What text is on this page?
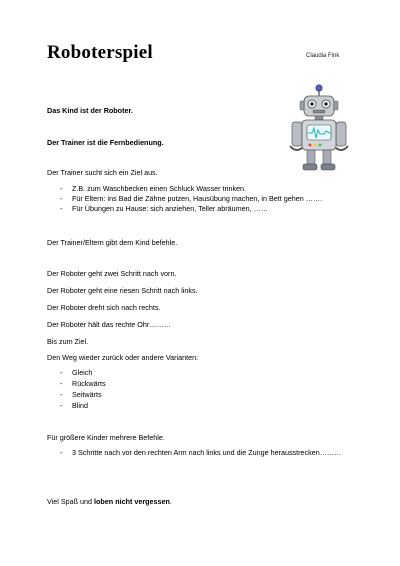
Roboterspiel	Claudia Fink
Das Kind ist der Roboter.
Der Trainer ist die Fernbedienung.
Der Trainer sucht sich ein Ziel aus.
- Z.B. zum Waschbecken einen Schluck Wasser trinken.
- Für Eltern: ins Bad die Zähne putzen, Hausübung machen, in Bett gehen …….
- Für Übungen zu Hause: sich anziehen, Teller abräumen, ……
Der Trainer/Eltern gibt dem Kind befehle.
Der Roboter geht zwei Schritt nach vorn.
Der Roboter geht eine riesen Schritt nach links.
Der Roboter dreht sich nach rechts.
Der Roboter hält das rechte Ohr………
Bis zum Ziel.
Den Weg wieder zurück oder andere Varianten:
- Gleich
- Rückwärts
- Seitwärts
- Blind
Für größere Kinder mehrere Befehle.
- 3 Schritte nach vor den rechten Arm nach links und die Zunge herausstrecken………
Viel Spaß und loben nicht vergessen.
